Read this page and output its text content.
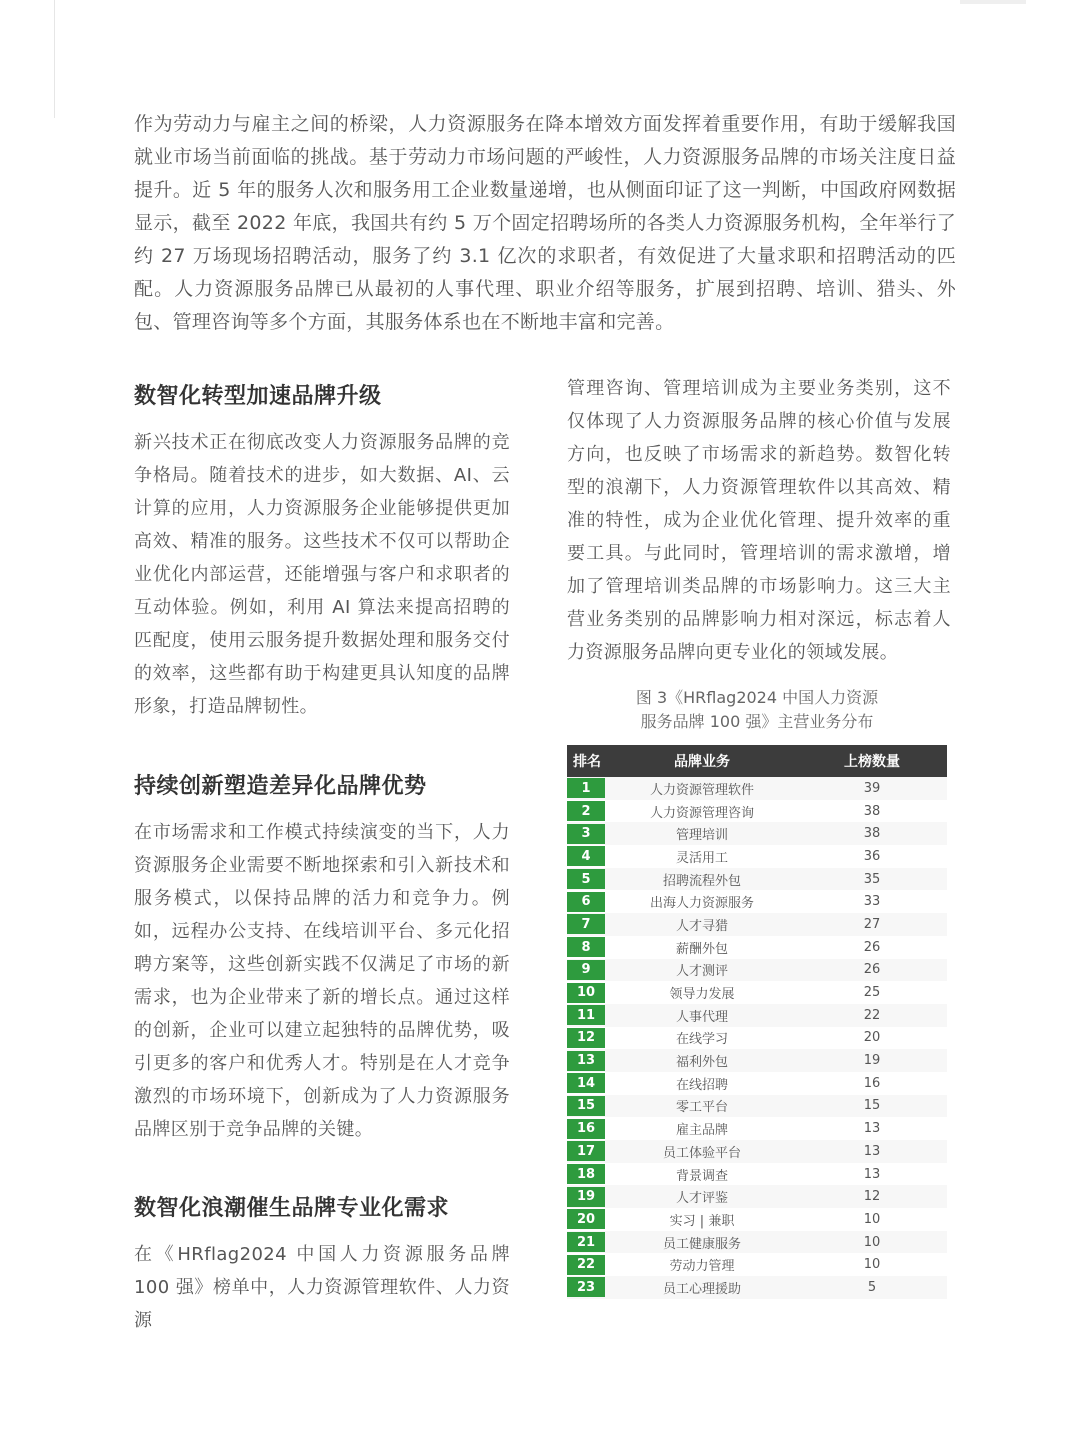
作为劳动力与雇主之间的桥梁，人力资源服务在降本增效方面发挥着重要作用，有助于缓解我国就业市场当前面临的挑战。基于劳动力市场问题的严峻性，人力资源服务品牌的市场关注度日益提升。近 5 年的服务人次和服务用工企业数量递增，也从侧面印证了这一判断，中国政府网数据显示，截至 2022 年底，我国共有约 5 万个固定招聘场所的各类人力资源服务机构，全年举行了约 27 万场现场招聘活动，服务了约 3.1 亿次的求职者，有效促进了大量求职和招聘活动的匹配。人力资源服务品牌已从最初的人事代理、职业介绍等服务，扩展到招聘、培训、猎头、外包、管理咨询等多个方面，其服务体系也在不断地丰富和完善。

数智化转型加速品牌升级

新兴技术正在彻底改变人力资源服务品牌的竞争格局。随着技术的进步，如大数据、AI、云计算的应用，人力资源服务企业能够提供更加高效、精准的服务。这些技术不仅可以帮助企业优化内部运营，还能增强与客户和求职者的互动体验。例如，利用 AI 算法来提高招聘的匹配度，使用云服务提升数据处理和服务交付的效率，这些都有助于构建更具认知度的品牌形象，打造品牌韧性。

持续创新塑造差异化品牌优势

在市场需求和工作模式持续演变的当下，人力资源服务企业需要不断地探索和引入新技术和服务模式，以保持品牌的活力和竞争力。例如，远程办公支持、在线培训平台、多元化招聘方案等，这些创新实践不仅满足了市场的新需求，也为企业带来了新的增长点。通过这样的创新，企业可以建立起独特的品牌优势，吸引更多的客户和优秀人才。特别是在人才竞争激烈的市场环境下，创新成为了人力资源服务品牌区别于竞争品牌的关键。

数智化浪潮催生品牌专业化需求

在《HRflag2024 中国人力资源服务品牌 100 强》榜单中，人力资源管理软件、人力资源

管理咨询、管理培训成为主要业务类别，这不仅体现了人力资源服务品牌的核心价值与发展方向，也反映了市场需求的新趋势。数智化转型的浪潮下，人力资源管理软件以其高效、精准的特性，成为企业优化管理、提升效率的重要工具。与此同时，管理培训的需求激增，增加了管理培训类品牌的市场影响力。这三大主营业务类别的品牌影响力相对深远，标志着人力资源服务品牌向更专业化的领域发展。

图 3《HRflag2024 中国人力资源
服务品牌 100 强》主营业务分布
排名	品牌业务	上榜数量
1	人力资源管理软件	39
2	人力资源管理咨询	38
3	管理培训	38
4	灵活用工	36
5	招聘流程外包	35
6	出海人力资源服务	33
7	人才寻猎	27
8	薪酬外包	26
9	人才测评	26
10	领导力发展	25
11	人事代理	22
12	在线学习	20
13	福利外包	19
14	在线招聘	16
15	零工平台	15
16	雇主品牌	13
17	员工体验平台	13
18	背景调查	13
19	人才评鉴	12
20	实习 | 兼职	10
21	员工健康服务	10
22	劳动力管理	10
23	员工心理援助	5
